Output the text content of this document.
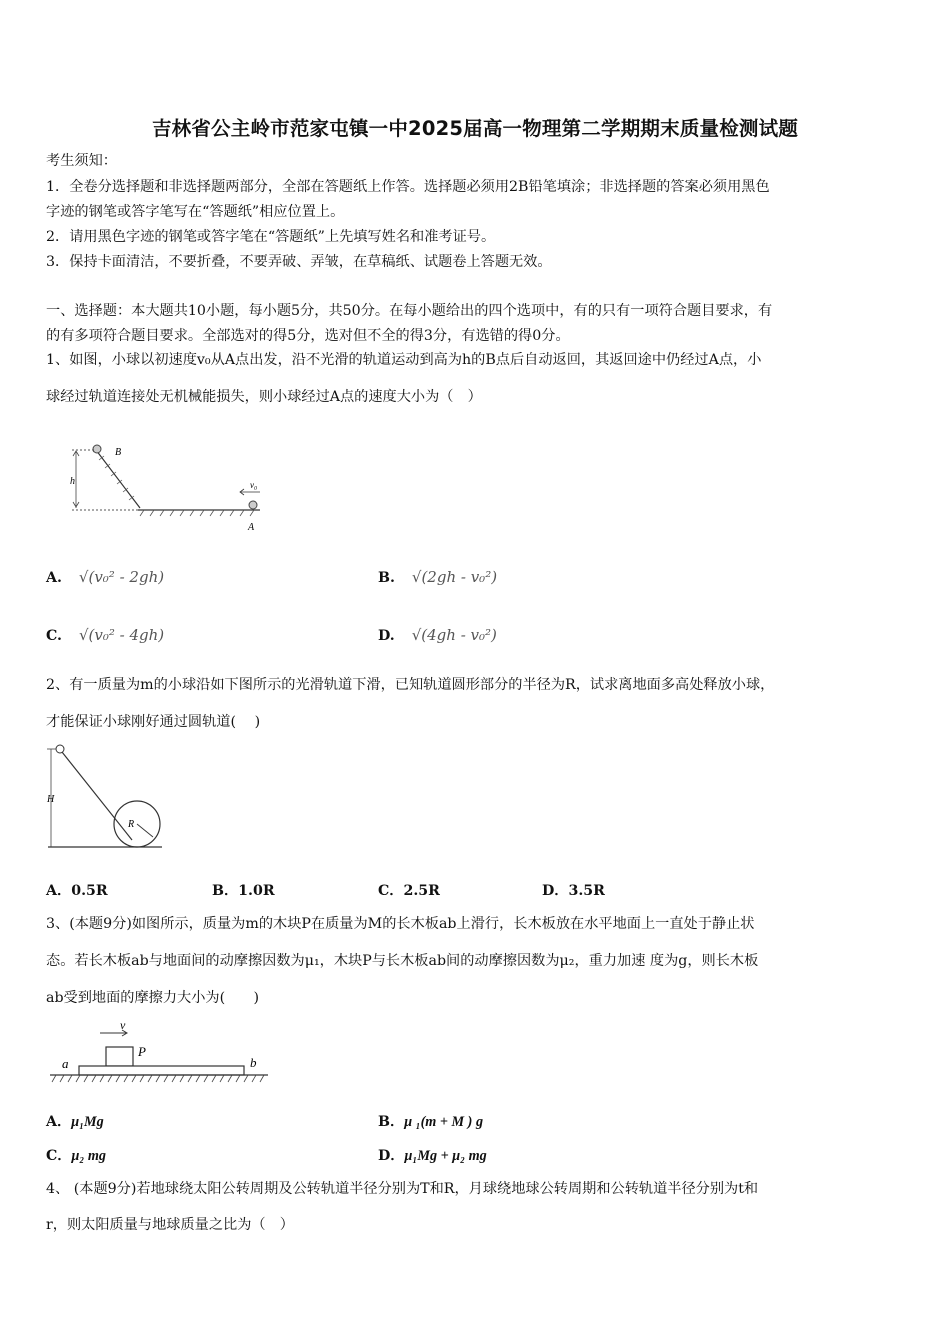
吉林省公主岭市范家屯镇一中2025届高一物理第二学期期末质量检测试题
考生须知：
1．全卷分选择题和非选择题两部分，全部在答题纸上作答。选择题必须用2B铅笔填涂；非选择题的答案必须用黑色
字迹的钢笔或答字笔写在“答题纸”相应位置上。
2．请用黑色字迹的钢笔或答字笔在“答题纸”上先填写姓名和准考证号。
3．保持卡面清洁，不要折叠，不要弄破、弄皱，在草稿纸、试题卷上答题无效。
一、选择题：本大题共10小题，每小题5分，共50分。在每小题给出的四个选项中，有的只有一项符合题目要求，有
的有多项符合题目要求。全部选对的得5分，选对但不全的得3分，有选错的得0分。
1、如图，小球以初速度v₀从A点出发，沿不光滑的轨道运动到高为h的B点后自动返回，其返回途中仍经过A点，小
球经过轨道连接处无机械能损失，则小球经过A点的速度大小为（　）
B
h	v₀
A
A. √(v₀² - 2gh)	B. √(2gh - v₀²)
C. √(v₀² - 4gh)	D. √(4gh - v₀²)
2、有一质量为m的小球沿如下图所示的光滑轨道下滑，已知轨道圆形部分的半径为R，试求离地面多高处释放小球，
才能保证小球刚好通过圆轨道(　 )
H
R
A．0.5R	B．1.0R	C．2.5R	D．3.5R
3、(本题9分)如图所示，质量为m的木块P在质量为M的长木板ab上滑行，长木板放在水平地面上一直处于静止状
态。若长木板ab与地面间的动摩擦因数为μ₁，木块P与长木板ab间的动摩擦因数为μ₂，重力加速 度为g，则长木板
ab受到地面的摩擦力大小为(　　)
v
P
a	b
A．μ₁Mg	B．μ ₁(m + M ) g
C．μ₂ mg	D．μ₁Mg + μ₂ mg
4、 (本题9分)若地球绕太阳公转周期及公转轨道半径分别为T和R，月球绕地球公转周期和公转轨道半径分别为t和
r，则太阳质量与地球质量之比为（　）
